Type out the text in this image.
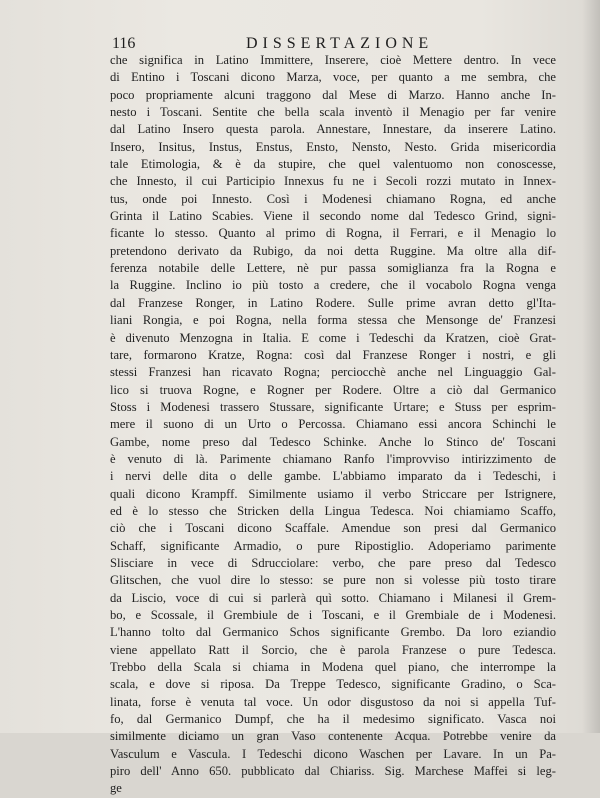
116	DISSERTAZIONE
che significa in Latino Immittere, Inserere, cioè Mettere dentro. In vece
di Entino i Toscani dicono Marza, voce, per quanto a me sembra, che
poco propriamente alcuni traggono dal Mese di Marzo. Hanno anche In-
nesto i Toscani. Sentite che bella scala inventò il Menagio per far venire
dal Latino Insero questa parola. Annestare, Innestare, da inserere Latino.
Insero, Insitus, Instus, Enstus, Ensto, Nensto, Nesto. Grida misericordia
tale Etimologia, & è da stupire, che quel valentuomo non conoscesse,
che Innesto, il cui Participio Innexus fu ne i Secoli rozzi mutato in Innex-
tus, onde poi Innesto. Così i Modenesi chiamano Rogna, ed anche
Grinta il Latino Scabies. Viene il secondo nome dal Tedesco Grind, signi-
ficante lo stesso. Quanto al primo di Rogna, il Ferrari, e il Menagio lo
pretendono derivato da Rubigo, da noi detta Ruggine. Ma oltre alla dif-
ferenza notabile delle Lettere, nè pur passa somiglianza fra la Rogna e
la Ruggine. Inclino io più tosto a credere, che il vocabolo Rogna venga
dal Franzese Ronger, in Latino Rodere. Sulle prime avran detto gl'Ita-
liani Rongia, e poi Rogna, nella forma stessa che Mensonge de' Franzesi
è divenuto Menzogna in Italia. E come i Tedeschi da Kratzen, cioè Grat-
tare, formarono Kratze, Rogna: così dal Franzese Ronger i nostri, e gli
stessi Franzesi han ricavato Rogna; perciocchè anche nel Linguaggio Gal-
lico si truova Rogne, e Rogner per Rodere. Oltre a ciò dal Germanico
Stoss i Modenesi trassero Stussare, significante Urtare; e Stuss per esprim-
mere il suono di un Urto o Percossa. Chiamano essi ancora Schinchi le
Gambe, nome preso dal Tedesco Schinke. Anche lo Stinco de' Toscani
è venuto di là. Parimente chiamano Ranfo l'improvviso intirizzimento de
i nervi delle dita o delle gambe. L'abbiamo imparato da i Tedeschi, i
quali dicono Krampff. Similmente usiamo il verbo Striccare per Istrignere,
ed è lo stesso che Stricken della Lingua Tedesca. Noi chiamiamo Scaffo,
ciò che i Toscani dicono Scaffale. Amendue son presi dal Germanico
Schaff, significante Armadio, o pure Ripostiglio. Adoperiamo parimente
Slisciare in vece di Sdrucciolare: verbo, che pare preso dal Tedesco
Glitschen, che vuol dire lo stesso: se pure non si volesse più tosto tirare
da Liscio, voce di cui si parlerà quì sotto. Chiamano i Milanesi il Grem-
bo, e Scossale, il Grembiule de i Toscani, e il Grembiale de i Modenesi.
L'hanno tolto dal Germanico Schos significante Grembo. Da loro eziandio
viene appellato Ratt il Sorcio, che è parola Franzese o pure Tedesca.
Trebbo della Scala si chiama in Modena quel piano, che interrompe la
scala, e dove si riposa. Da Treppe Tedesco, significante Gradino, o Sca-
linata, forse è venuta tal voce. Un odor disgustoso da noi si appella Tuf-
fo, dal Germanico Dumpf, che ha il medesimo significato. Vasca noi
similmente diciamo un gran Vaso contenente Acqua. Potrebbe venire da
Vasculum e Vascula. I Tedeschi dicono Waschen per Lavare. In un Pa-
piro dell' Anno 650. pubblicato dal Chiariss. Sig. Marchese Maffei si leg-
ge
